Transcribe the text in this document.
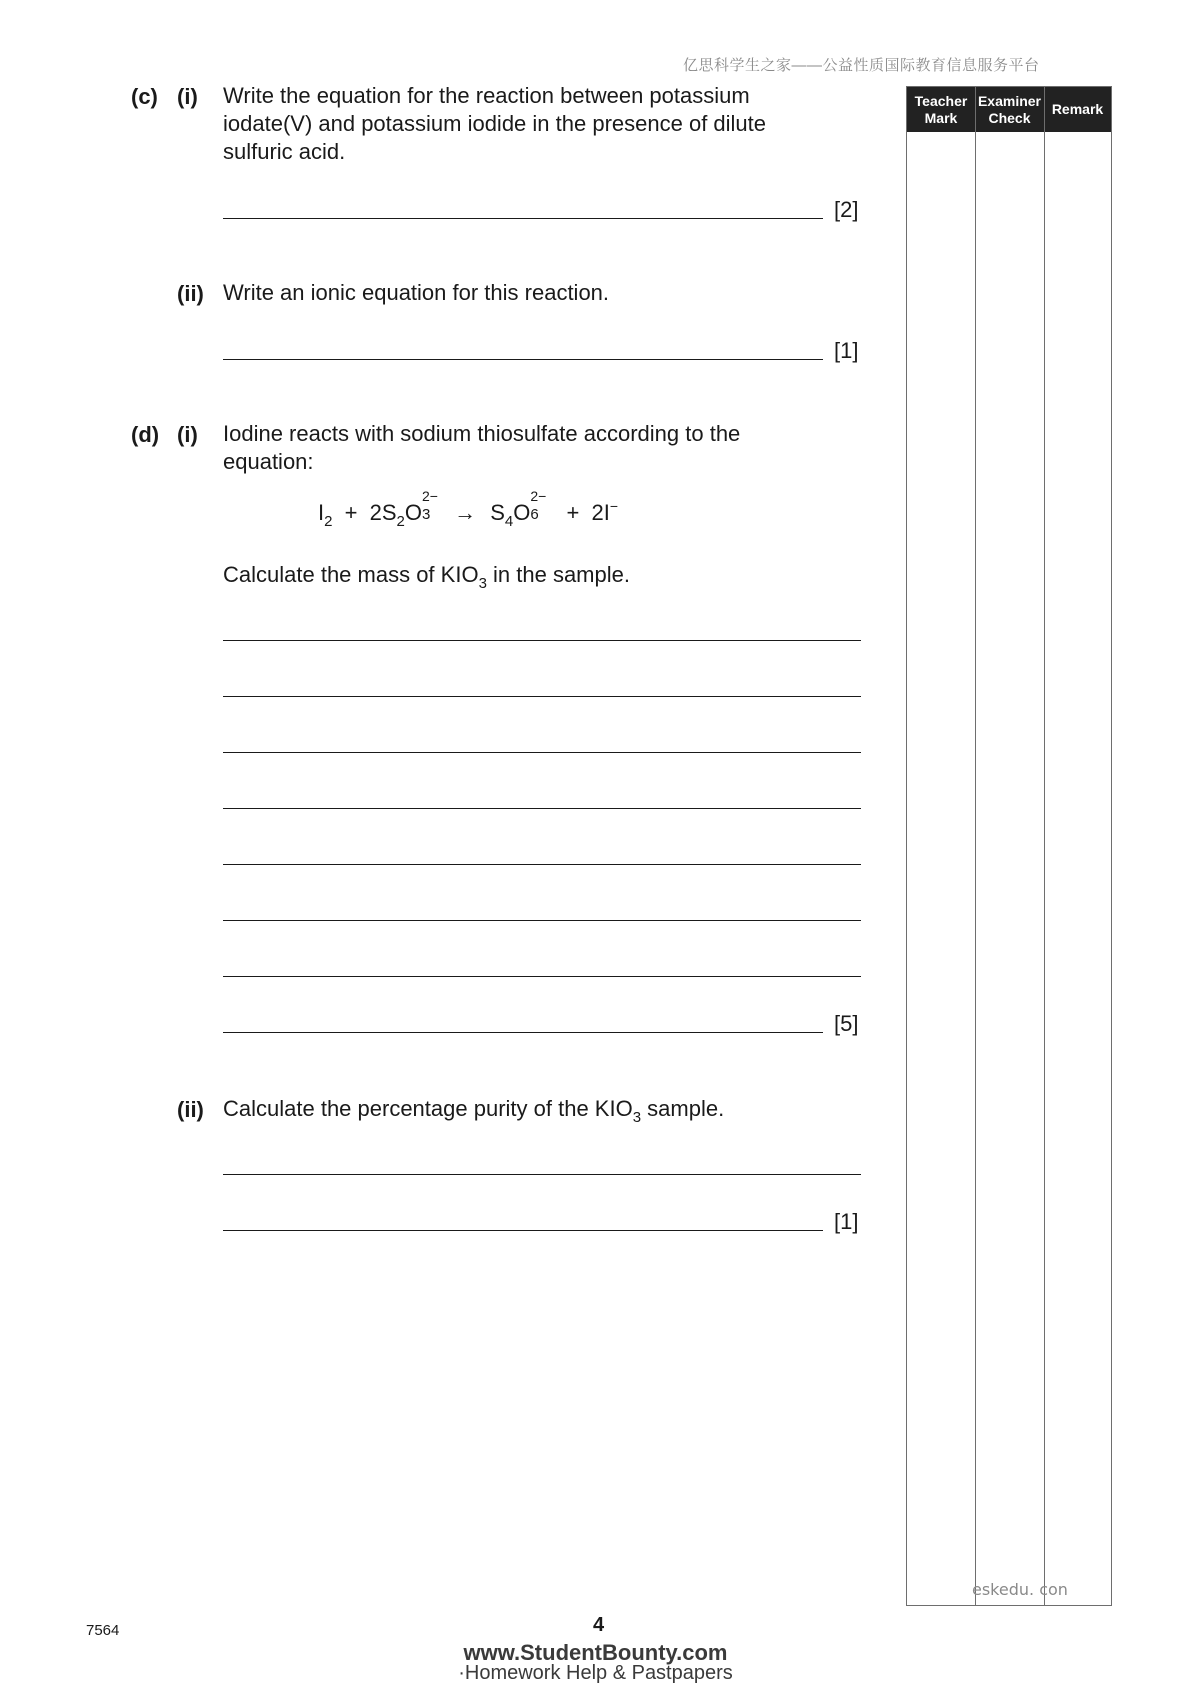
亿思科学生之家——公益性质国际教育信息服务平台
(c) (i) Write the equation for the reaction between potassium
iodate(V) and potassium iodide in the presence of dilute
sulfuric acid.
[2]
(ii) Write an ionic equation for this reaction.
[1]
(d) (i) Iodine reacts with sodium thiosulfate according to the
equation:
$I_2 + 2S_2O$
2−
$3 \to S_4O$
2−
6 + 2I−
Calculate the mass of $KIO_3$ in the sample.
[5]
(ii) Calculate the percentage purity of the $KIO_3$ sample.
[1]
Teacher
Mark
Examiner
Check
Remark
eskedu. con
7564	4
www.StudentBounty.com
·Homework Help & Pastpapers
